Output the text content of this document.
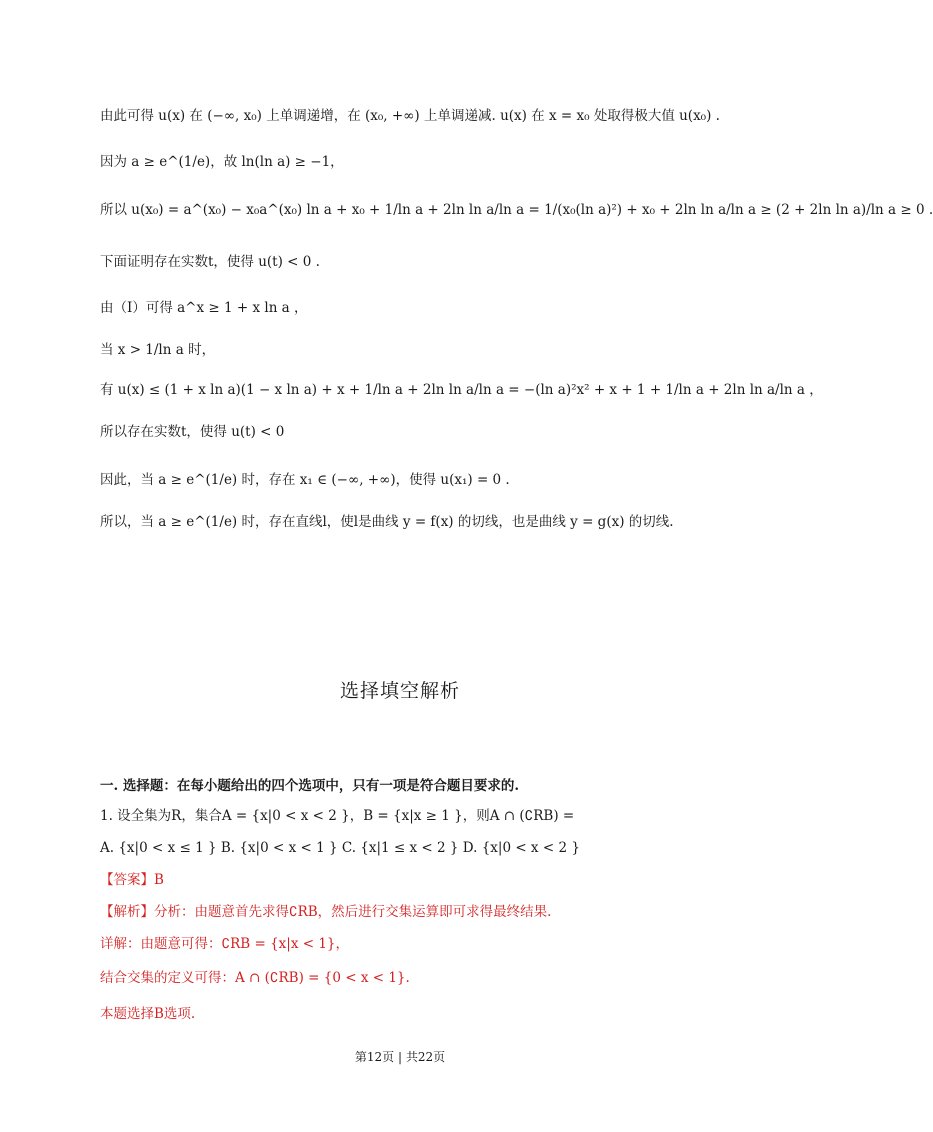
由此可得 u(x) 在 (−∞, x₀) 上单调递增，在 (x₀, +∞) 上单调递减. u(x) 在 x = x₀ 处取得极大值 u(x₀) .
因为 a ≥ e^(1/e)，故 ln(ln a) ≥ −1，
所以 u(x₀) = a^(x₀) − x₀a^(x₀) ln a + x₀ + 1/ln a + 2ln ln a/ln a = 1/(x₀(ln a)²) + x₀ + 2ln ln a/ln a ≥ (2 + 2ln ln a)/ln a ≥ 0 .
下面证明存在实数t，使得 u(t) < 0 .
由（I）可得 a^x ≥ 1 + x ln a ，
当 x > 1/ln a 时，
有 u(x) ≤ (1 + x ln a)(1 − x ln a) + x + 1/ln a + 2ln ln a/ln a = −(ln a)²x² + x + 1 + 1/ln a + 2ln ln a/ln a ，
所以存在实数t，使得 u(t) < 0
因此，当 a ≥ e^(1/e) 时，存在 x₁ ∈ (−∞, +∞)，使得 u(x₁) = 0 .
所以，当 a ≥ e^(1/e) 时，存在直线l，使l是曲线 y = f(x) 的切线，也是曲线 y = g(x) 的切线.
选择填空解析
一. 选择题：在每小题给出的四个选项中，只有一项是符合题目要求的.
1. 设全集为R，集合A = {x|0 < x < 2 }，B = {x|x ≥ 1 }，则A ∩ (∁RB) =
A. {x|0 < x ≤ 1 } B. {x|0 < x < 1 } C. {x|1 ≤ x < 2 } D. {x|0 < x < 2 }
【答案】B
【解析】分析：由题意首先求得∁RB，然后进行交集运算即可求得最终结果.
详解：由题意可得：∁RB = {x|x < 1}，
结合交集的定义可得：A ∩ (∁RB) = {0 < x < 1}.
本题选择B选项.
第12页 | 共22页
